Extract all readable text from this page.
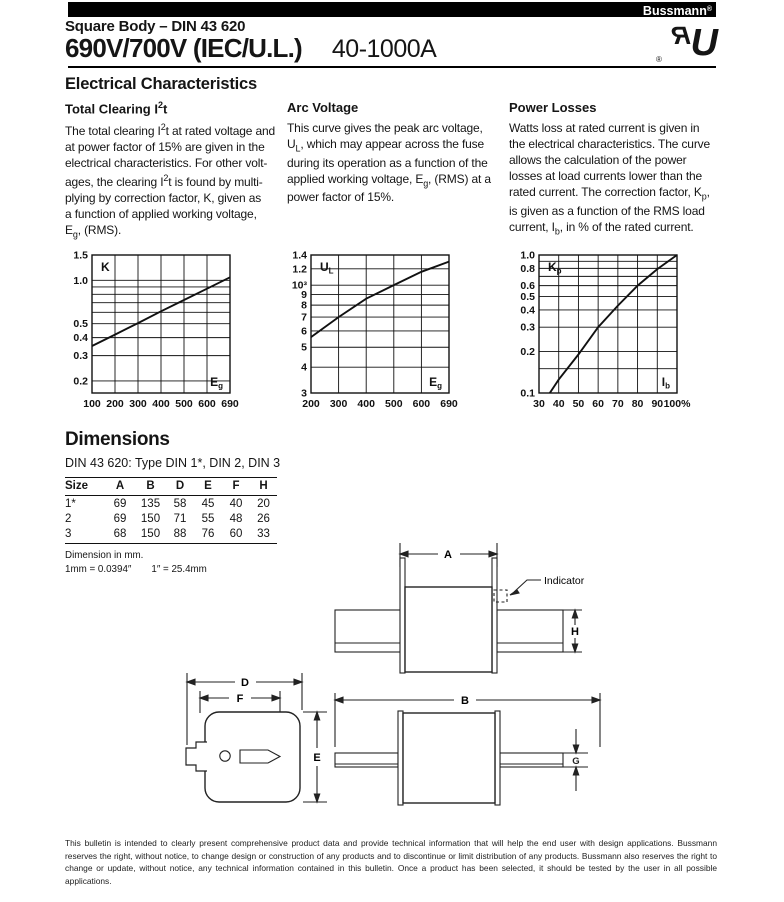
Bussmann®
Square Body – DIN 43 620
690V/700V (IEC/U.L.) 40-1000A	RU
®
Electrical Characteristics
Total Clearing $I^2t$

The total clearing $I^2t$ at rated voltage and
at power factor of 15% are given in the
electrical characteristics. For other volt-
ages, the clearing $I^2t$ is found by multi-
plying by correction factor, K, given as
a function of applied working voltage,
$E_g$, (RMS).

Arc Voltage

This curve gives the peak arc voltage,
$U_L$, which may appear across the fuse
during its operation as a function of the
applied working voltage, $E_g$, (RMS) at a
power factor of 15%.

Power Losses

Watts loss at rated current is given in
the electrical characteristics. The curve
allows the calculation of the power
losses at load currents lower than the
rated current. The correction factor, $K_p$,
is given as a function of the RMS load
current, $I_b$, in % of the rated current.

100 200 300 400 500 600 690
1.5
1.0
0.5
0.4
0.3
0.2
K
$E_g$
200 300 400 500 600 690
1.4
1.2
10³
9
8
7
6
5
4
3
$U_L$
$E_g$
30 40 50 60 70 80 90 100%
1.0
0.8
0.6
0.5
0.4
0.3
0.2
0.1
$K_p$
$I_b$
Dimensions
DIN 43 620: Type DIN 1*, DIN 2, DIN 3
Size	A	B	D	E	F	H
1*	69	135	58	45	40	20
2	69	150	71	55	48	26
3	68	150	88	76	60	33
Dimension in mm.
1mm = 0.0394″ 1″ = 25.4mm
A
Indicator
H
D
F
E
B
G
This bulletin is intended to clearly present comprehensive product data and provide technical information that will help the end user with design applications. Bussmann reserves the right, without notice, to change design or construction of any products and to discontinue or limit distribution of any products. Bussmann also reserves the right to change or update, without notice, any technical information contained in this bulletin. Once a product has been selected, it should be tested by the user in all possible applications.
